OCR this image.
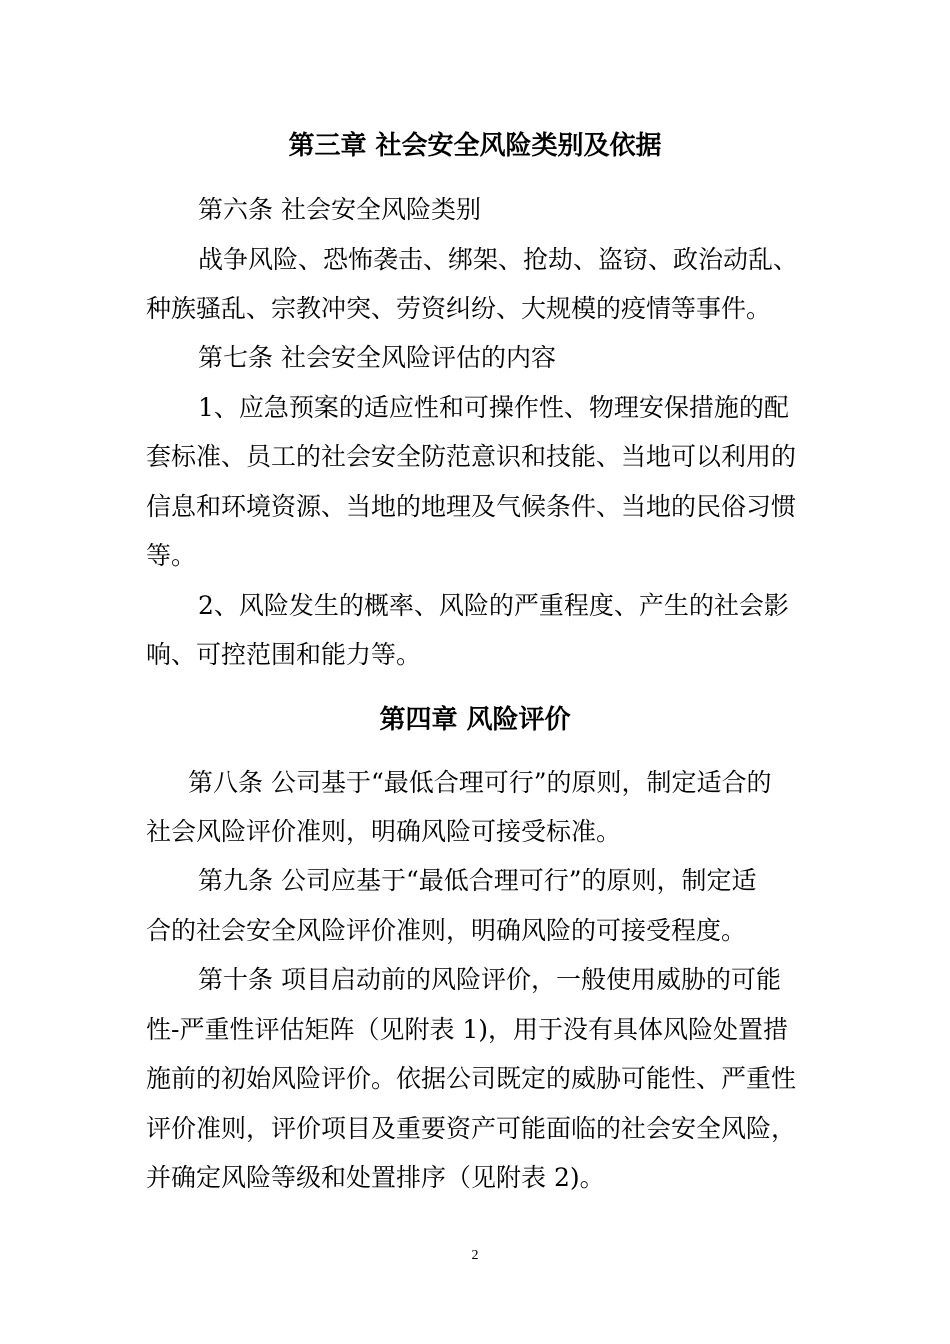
第三章 社会安全风险类别及依据
第六条 社会安全风险类别
战争风险、恐怖袭击、绑架、抢劫、盗窃、政治动乱、
种族骚乱、宗教冲突、劳资纠纷、大规模的疫情等事件。
第七条 社会安全风险评估的内容
1、应急预案的适应性和可操作性、物理安保措施的配
套标准、员工的社会安全防范意识和技能、当地可以利用的
信息和环境资源、当地的地理及气候条件、当地的民俗习惯
等。
2、风险发生的概率、风险的严重程度、产生的社会影
响、可控范围和能力等。
第四章 风险评价
第八条 公司基于“最低合理可行”的原则，制定适合的
社会风险评价准则，明确风险可接受标准。
第九条 公司应基于“最低合理可行”的原则，制定适
合的社会安全风险评价准则，明确风险的可接受程度。
第十条 项目启动前的风险评价，一般使用威胁的可能
性-严重性评估矩阵（见附表 1)，用于没有具体风险处置措
施前的初始风险评价。依据公司既定的威胁可能性、严重性
评价准则，评价项目及重要资产可能面临的社会安全风险，
并确定风险等级和处置排序（见附表 2)。
2
